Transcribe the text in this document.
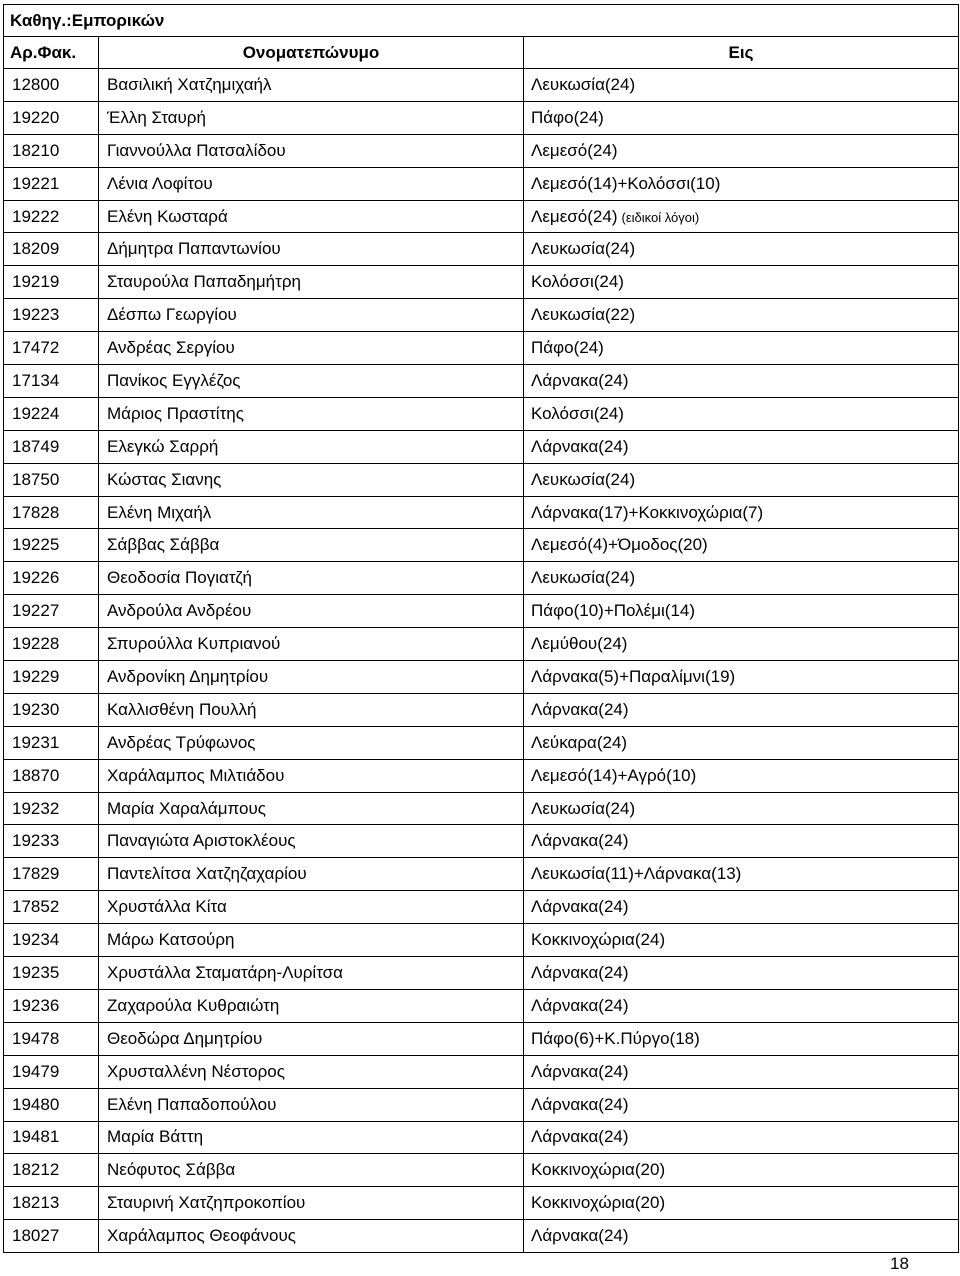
Καθηγ.:Εμπορικών		
Αρ.Φακ.	Ονοματεπώνυμο	Εις
12800	Βασιλική Χατζημιχαήλ	Λευκωσία(24)
19220	Έλλη Σταυρή	Πάφο(24)
18210	Γιαννούλλα Πατσαλίδου	Λεμεσό(24)
19221	Λένια Λοφίτου	Λεμεσό(14)+Κολόσσι(10)
19222	Ελένη Κωσταρά	Λεμεσό(24) (ειδικοί λόγοι)
18209	Δήμητρα Παπαντωνίου	Λευκωσία(24)
19219	Σταυρούλα Παπαδημήτρη	Κολόσσι(24)
19223	Δέσπω Γεωργίου	Λευκωσία(22)
17472	Ανδρέας Σεργίου	Πάφο(24)
17134	Πανίκος Εγγλέζος	Λάρνακα(24)
19224	Μάριος Πραστίτης	Κολόσσι(24)
18749	Ελεγκώ Σαρρή	Λάρνακα(24)
18750	Κώστας Σιανης	Λευκωσία(24)
17828	Ελένη Μιχαήλ	Λάρνακα(17)+Κοκκινοχώρια(7)
19225	Σάββας Σάββα	Λεμεσό(4)+Όμοδος(20)
19226	Θεοδοσία Πογιατζή	Λευκωσία(24)
19227	Ανδρούλα Ανδρέου	Πάφο(10)+Πολέμι(14)
19228	Σπυρούλλα Κυπριανού	Λεμύθου(24)
19229	Ανδρονίκη Δημητρίου	Λάρνακα(5)+Παραλίμνι(19)
19230	Καλλισθένη Πουλλή	Λάρνακα(24)
19231	Ανδρέας Τρύφωνος	Λεύκαρα(24)
18870	Χαράλαμπος Μιλτιάδου	Λεμεσό(14)+Αγρό(10)
19232	Μαρία Χαραλάμπους	Λευκωσία(24)
19233	Παναγιώτα Αριστοκλέους	Λάρνακα(24)
17829	Παντελίτσα Χατζηζαχαρίου	Λευκωσία(11)+Λάρνακα(13)
17852	Χρυστάλλα Κίτα	Λάρνακα(24)
19234	Μάρω Κατσούρη	Κοκκινοχώρια(24)
19235	Χρυστάλλα Σταματάρη-Λυρίτσα	Λάρνακα(24)
19236	Ζαχαρούλα Κυθραιώτη	Λάρνακα(24)
19478	Θεοδώρα Δημητρίου	Πάφο(6)+Κ.Πύργο(18)
19479	Χρυσταλλένη Νέστορος	Λάρνακα(24)
19480	Ελένη Παπαδοπούλου	Λάρνακα(24)
19481	Μαρία Βάττη	Λάρνακα(24)
18212	Νεόφυτος Σάββα	Κοκκινοχώρια(20)
18213	Σταυρινή Χατζηπροκοπίου	Κοκκινοχώρια(20)
18027	Χαράλαμπος Θεοφάνους	Λάρνακα(24)
18
